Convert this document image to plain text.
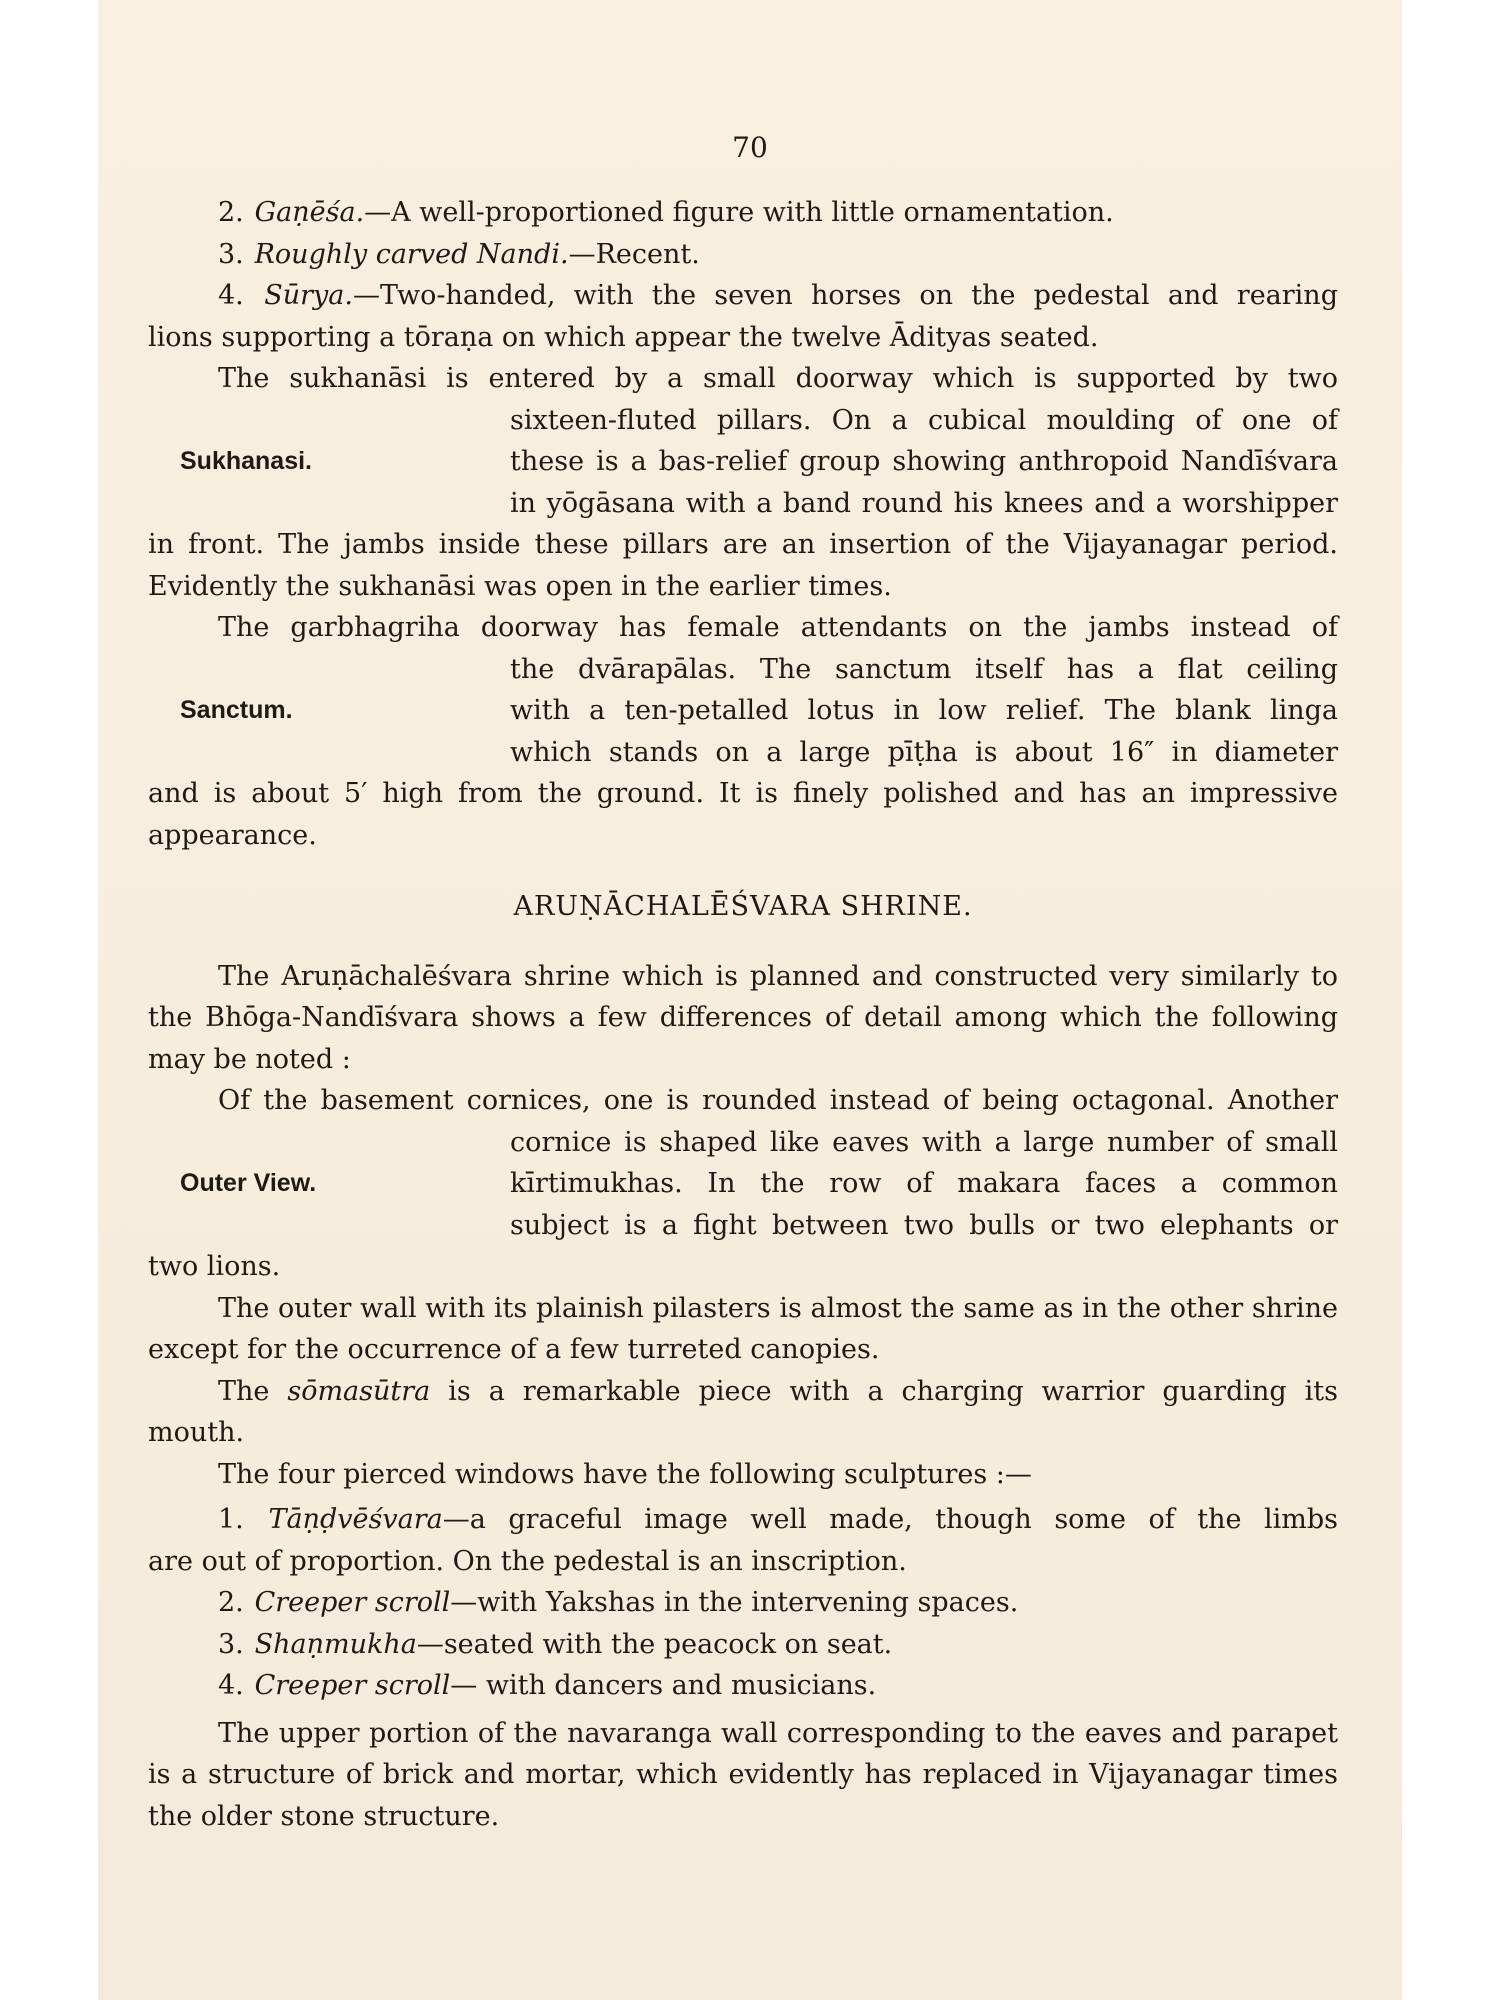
70

2. Gaṇēśa.—A well-proportioned figure with little ornamentation.

3. Roughly carved Nandi.—Recent.

4. Sūrya.—Two-handed, with the seven horses on the pedestal and rearing

lions supporting a tōraṇa on which appear the twelve Ādityas seated.

The sukhanāsi is entered by a small doorway which is supported by two

Sukhanasi.

sixteen-fluted pillars. On a cubical moulding of one of

these is a bas-relief group showing anthropoid Nandīśvara

in yōgāsana with a band round his knees and a worshipper

in front. The jambs inside these pillars are an insertion of the Vijayanagar period. Evidently the sukhanāsi was open in the earlier times.

The garbhagriha doorway has female attendants on the jambs instead of

Sanctum.

the dvārapālas. The sanctum itself has a flat ceiling

with a ten-petalled lotus in low relief. The blank linga

which stands on a large pīṭha is about 16″ in diameter

and is about 5′ high from the ground. It is finely polished and has an impressive appearance.

ARUṆĀCHALĒŚVARA SHRINE.

The Aruṇāchalēśvara shrine which is planned and constructed very similarly to the Bhōga-Nandīśvara shows a few differences of detail among which the following may be noted :

Of the basement cornices, one is rounded instead of being octagonal. Another

Outer View.

cornice is shaped like eaves with a large number of small

kīrtimukhas. In the row of makara faces a common

subject is a fight between two bulls or two elephants or

two lions.

The outer wall with its plainish pilasters is almost the same as in the other shrine except for the occurrence of a few turreted canopies.

The sōmasūtra is a remarkable piece with a charging warrior guarding its mouth.

The four pierced windows have the following sculptures :—

1. Tāṇḍvēśvara—a graceful image well made, though some of the limbs

are out of proportion. On the pedestal is an inscription.

2. Creeper scroll—with Yakshas in the intervening spaces.

3. Shaṇmukha—seated with the peacock on seat.

4. Creeper scroll— with dancers and musicians.

The upper portion of the navaranga wall corresponding to the eaves and parapet is a structure of brick and mortar, which evidently has replaced in Vijayanagar times the older stone structure.
